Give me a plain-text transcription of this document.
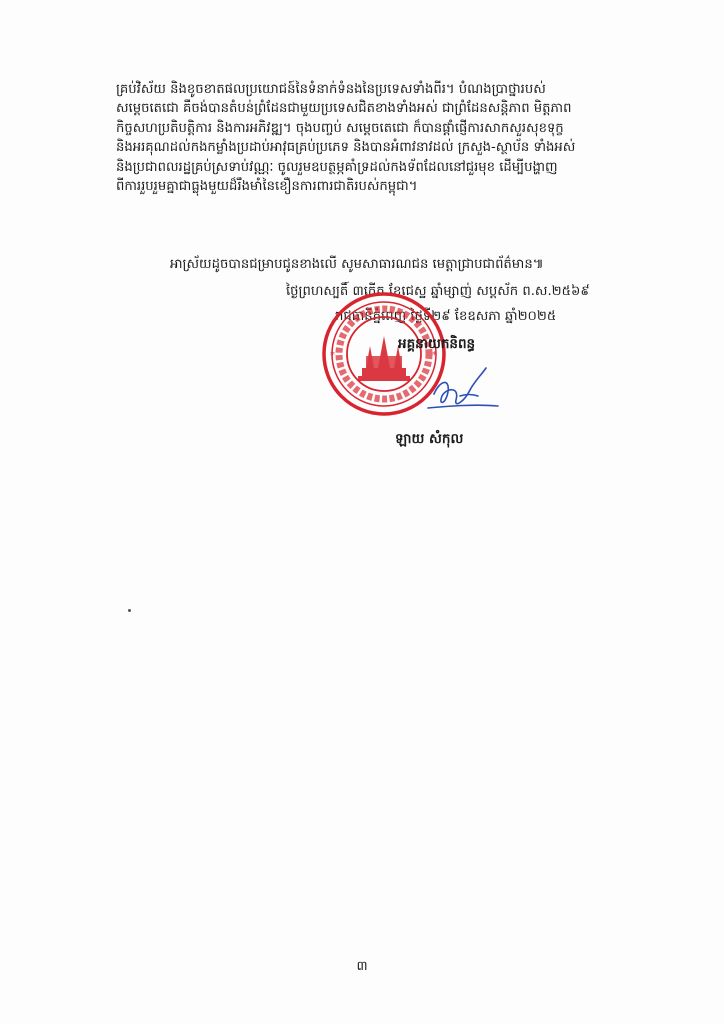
គ្រប់វិស័យ និងខូចខាតផលប្រយោជន៍នៃទំនាក់ទំនងនៃប្រទេសទាំងពីរ។ បំណងប្រាថ្នារបស់
សម្តេចតេជោ គឺចង់បានតំបន់ព្រំដែនជាមួយប្រទេសជិតខាងទាំងអស់ ជាព្រំដែនសន្តិភាព មិត្តភាព
កិច្ចសហប្រតិបត្តិការ និងការអភិវឌ្ឍ។ ចុងបញ្ចប់ សម្តេចតេជោ ក៏បានផ្តាំផ្ញើការសាកសួរសុខទុក្ខ
និងអរគុណដល់កងកម្លាំងប្រដាប់អាវុធគ្រប់ប្រភេទ និងបានអំពាវនាវដល់ ក្រសួង-ស្ថាប័ន ទាំងអស់
និងប្រជាពលរដ្ឋគ្រប់ស្រទាប់វណ្ណៈ ចូលរួមឧបត្ថម្ភគាំទ្រដល់កងទ័ពដែលនៅជួរមុខ ដើម្បីបង្ហាញ
ពីការរួបរួមគ្នាជាធ្លុងមួយដ៏រឹងមាំនៃខឿនការពារជាតិរបស់កម្ពុជា។
អាស្រ័យដូចបានជម្រាបជូនខាងលើ សូមសាធារណជន មេត្តាជ្រាបជាព័ត៌មាន៕
ថ្ងៃព្រហស្បតិ៍ ៣កើត ខែជេស្ឋ ឆ្នាំម្សាញ់ សប្តស័ក ព.ស.២៥៦៩
រាជធានីភ្នំពេញ ថ្ងៃទី២៩ ខែឧសភា ឆ្នាំ២០២៥
*	*
អគ្គនាយកនិពន្ធ
ឡាយ សំកុល
៣
